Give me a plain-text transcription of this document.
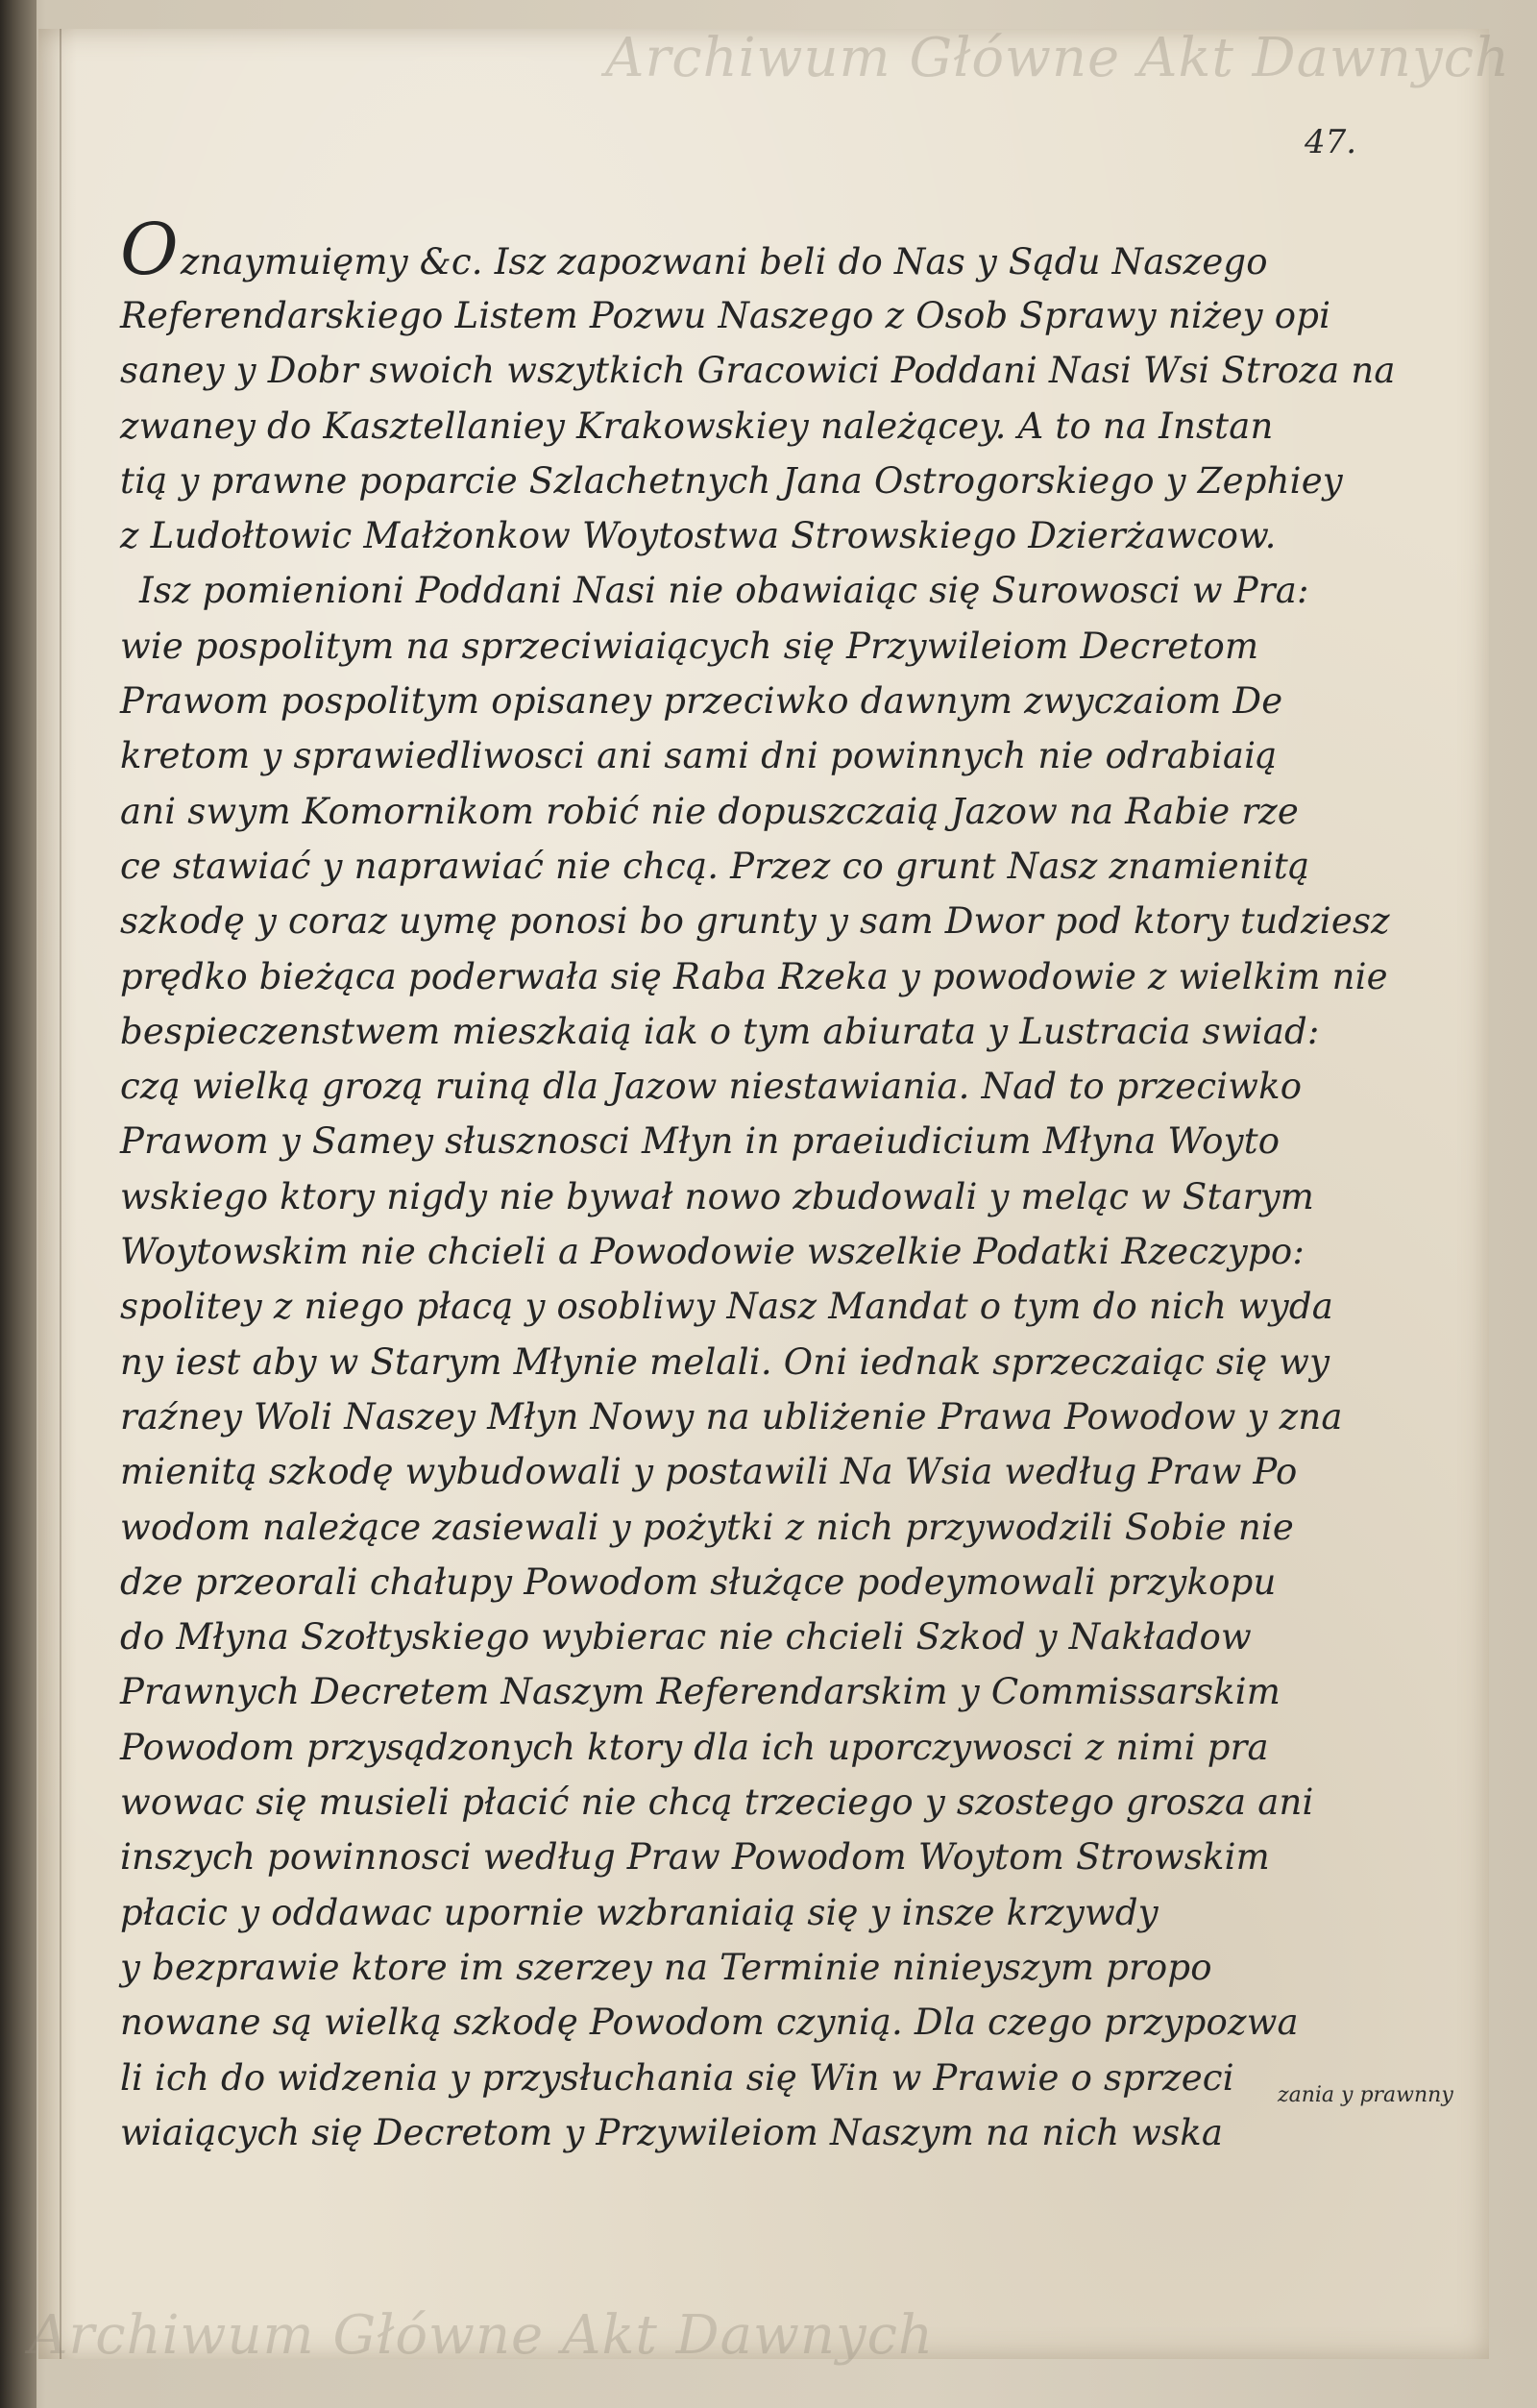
Archiwum Główne Akt Dawnych
Archiwum Główne Akt Dawnych
47.
Oznaymuięmy &c. Isz zapozwani beli do Nas y Sądu Naszego
Referendarskiego Listem Pozwu Naszego z Osob Sprawy niżey opi
saney y Dobr swoich wszytkich Gracowici Poddani Nasi Wsi Stroza na
zwaney do Kasztellaniey Krakowskiey należącey. A to na Instan
tią y prawne poparcie Szlachetnych Jana Ostrogorskiego y Zephiey
z Ludołtowic Małżonkow Woytostwa Strowskiego Dzierżawcow.
Isz pomienioni Poddani Nasi nie obawiaiąc się Surowosci w Pra:
wie pospolitym na sprzeciwiaiących się Przywileiom Decretom
Prawom pospolitym opisaney przeciwko dawnym zwyczaiom De
kretom y sprawiedliwosci ani sami dni powinnych nie odrabiaią
ani swym Komornikom robić nie dopuszczaią Jazow na Rabie rze
ce stawiać y naprawiać nie chcą. Przez co grunt Nasz znamienitą
szkodę y coraz uymę ponosi bo grunty y sam Dwor pod ktory tudziesz
prędko bieżąca poderwała się Raba Rzeka y powodowie z wielkim nie
bespieczenstwem mieszkaią iak o tym abiurata y Lustracia swiad:
czą wielką grozą ruiną dla Jazow niestawiania. Nad to przeciwko
Prawom y Samey słusznosci Młyn in praeiudicium Młyna Woyto
wskiego ktory nigdy nie bywał nowo zbudowali y meląc w Starym
Woytowskim nie chcieli a Powodowie wszelkie Podatki Rzeczypo:
spolitey z niego płacą y osobliwy Nasz Mandat o tym do nich wyda
ny iest aby w Starym Młynie melali. Oni iednak sprzeczaiąc się wy
raźney Woli Naszey Młyn Nowy na ubliżenie Prawa Powodow y zna
mienitą szkodę wybudowali y postawili Na Wsia według Praw Po
wodom należące zasiewali y pożytki z nich przywodzili Sobie nie
dze przeorali chałupy Powodom służące podeymowali przykopu
do Młyna Szołtyskiego wybierac nie chcieli Szkod y Nakładow
Prawnych Decretem Naszym Referendarskim y Commissarskim
Powodom przysądzonych ktory dla ich uporczywosci z nimi pra
wowac się musieli płacić nie chcą trzeciego y szostego grosza ani
inszych powinnosci według Praw Powodom Woytom Strowskim
płacic y oddawac upornie wzbraniaią się y insze krzywdy
y bezprawie ktore im szerzey na Terminie ninieyszym propo
nowane są wielką szkodę Powodom czynią. Dla czego przypozwa
li ich do widzenia y przysłuchania się Win w Prawie o sprzeci
wiaiących się Decretom y Przywileiom Naszym na nich wska
zania y prawnny
